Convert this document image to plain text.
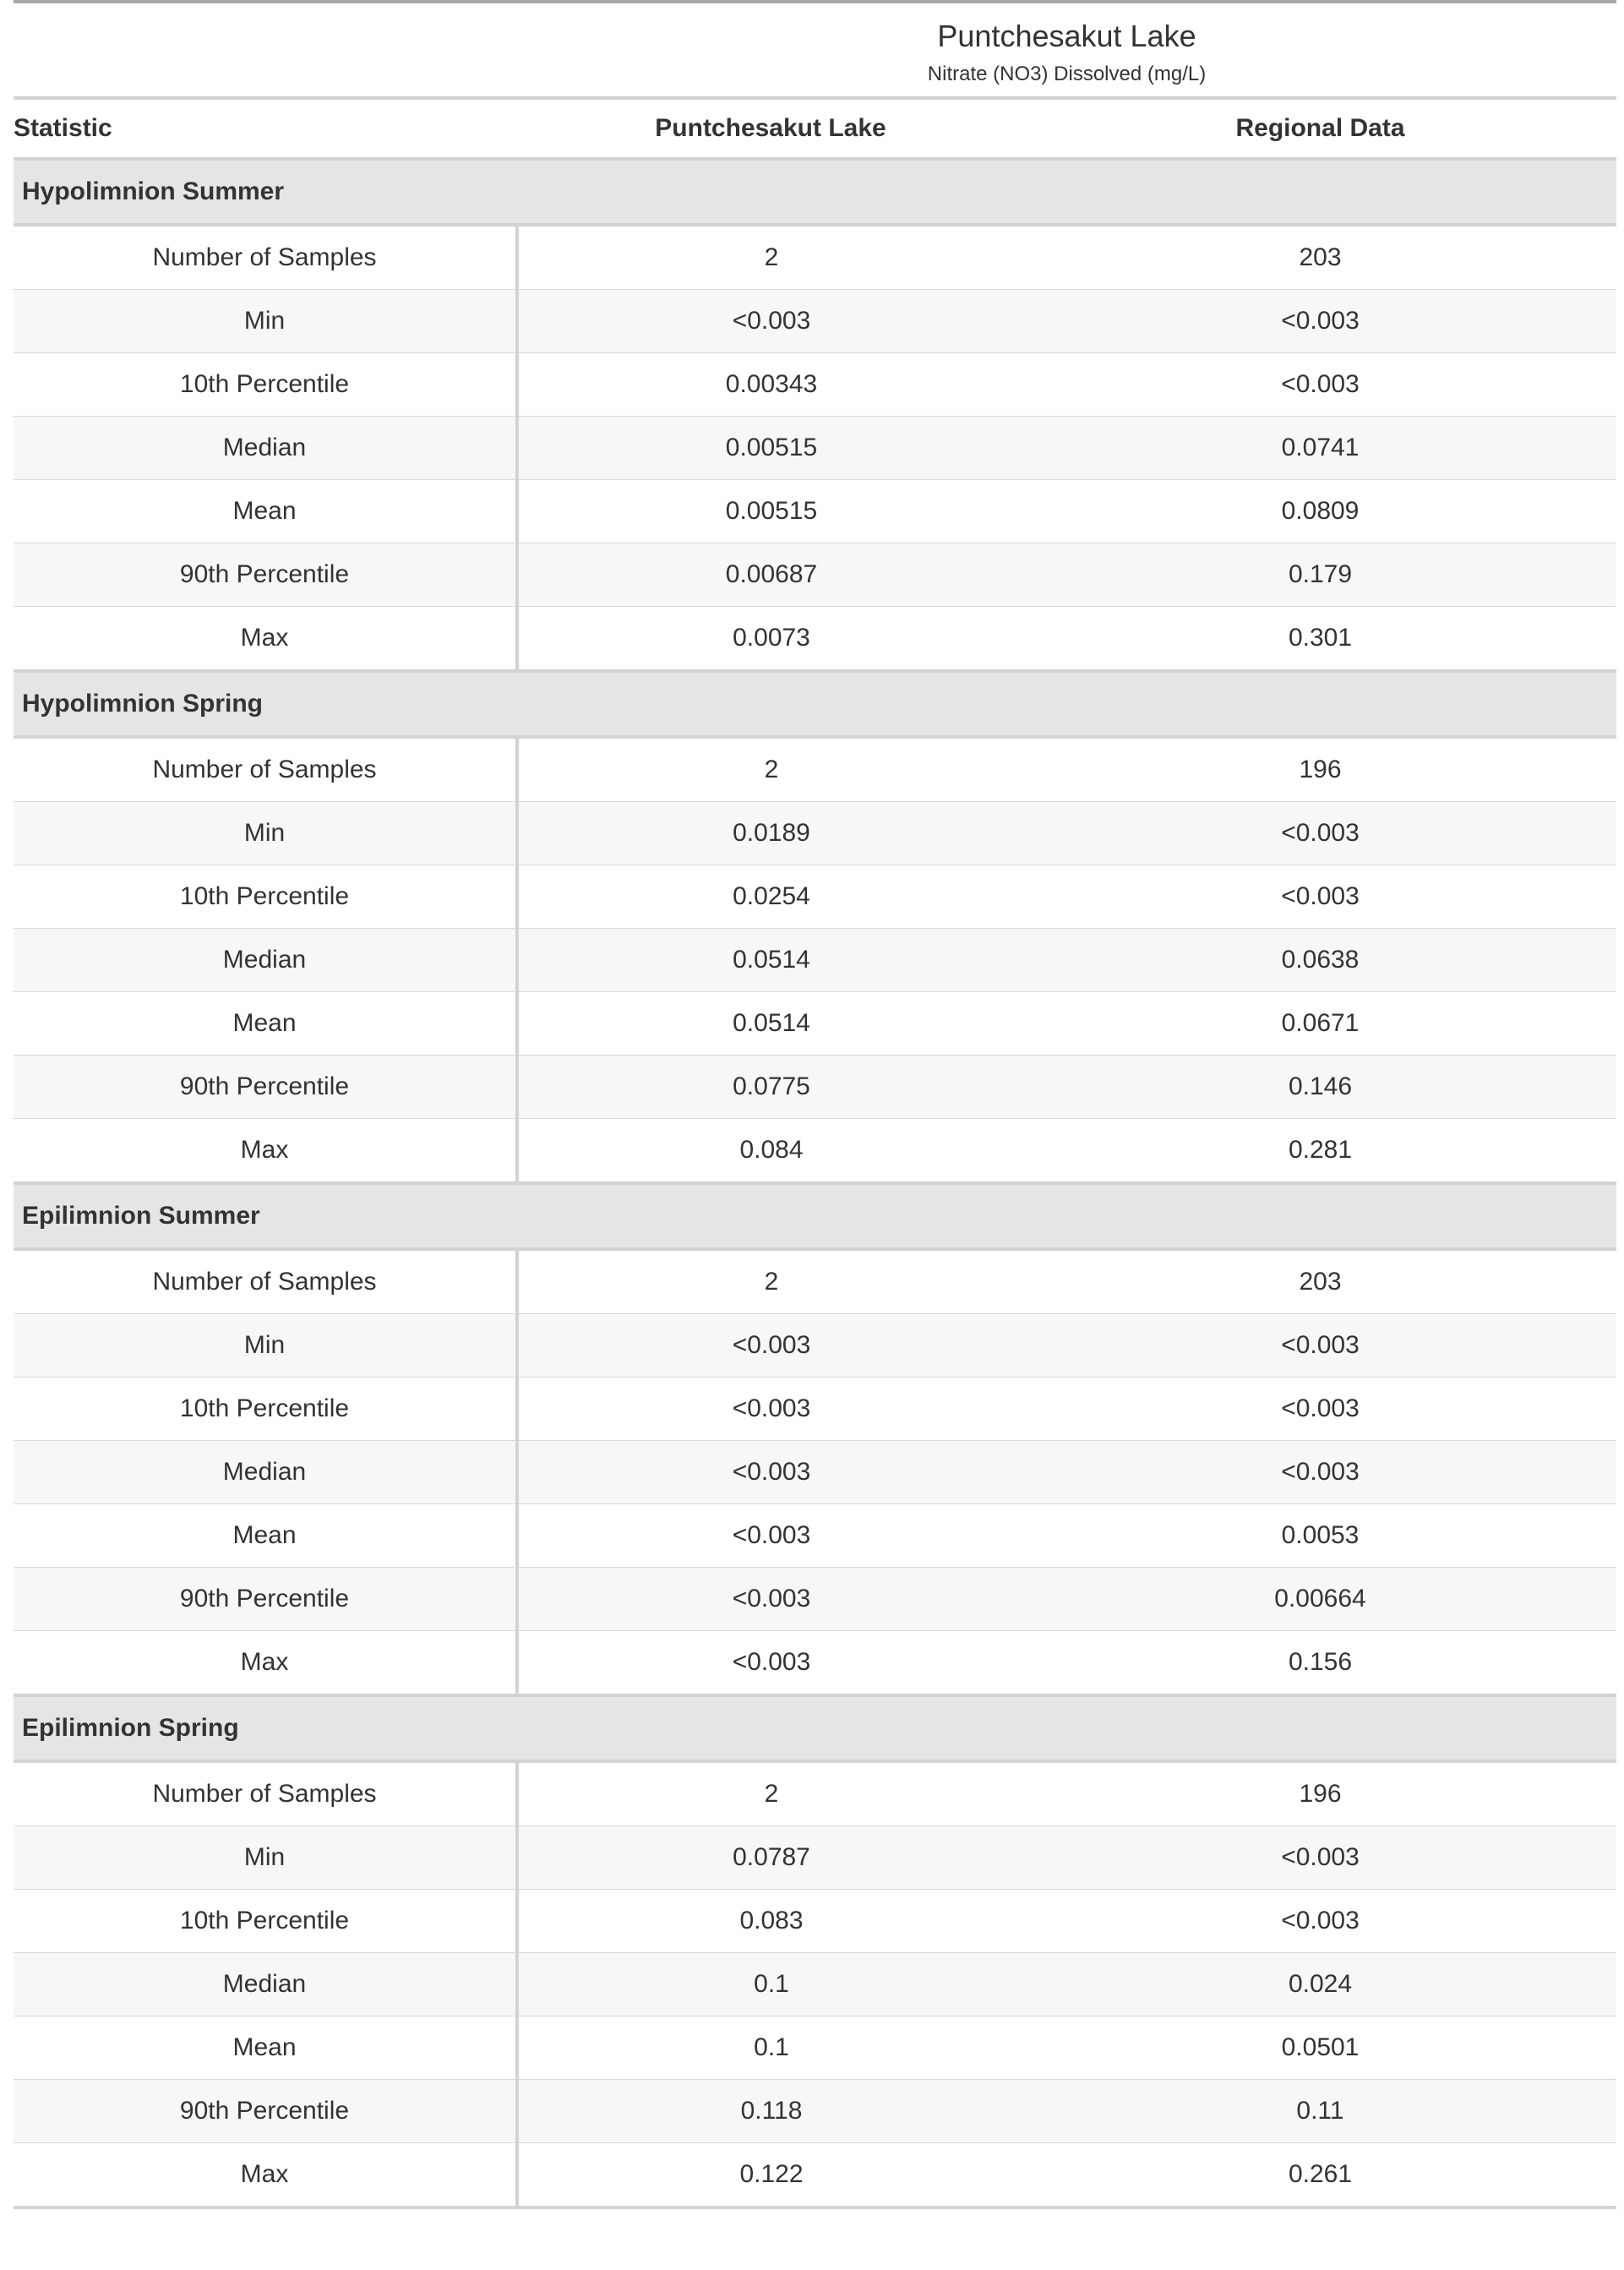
	Puntchesakut Lake	
	Nitrate (NO3) Dissolved (mg/L)	
Statistic	Puntchesakut Lake	Regional Data
Hypolimnion Summer		
Number of Samples	2	203
Min	<0.003	<0.003
10th Percentile	0.00343	<0.003
Median	0.00515	0.0741
Mean	0.00515	0.0809
90th Percentile	0.00687	0.179
Max	0.0073	0.301
Hypolimnion Spring		
Number of Samples	2	196
Min	0.0189	<0.003
10th Percentile	0.0254	<0.003
Median	0.0514	0.0638
Mean	0.0514	0.0671
90th Percentile	0.0775	0.146
Max	0.084	0.281
Epilimnion Summer		
Number of Samples	2	203
Min	<0.003	<0.003
10th Percentile	<0.003	<0.003
Median	<0.003	<0.003
Mean	<0.003	0.0053
90th Percentile	<0.003	0.00664
Max	<0.003	0.156
Epilimnion Spring		
Number of Samples	2	196
Min	0.0787	<0.003
10th Percentile	0.083	<0.003
Median	0.1	0.024
Mean	0.1	0.0501
90th Percentile	0.118	0.11
Max	0.122	0.261
